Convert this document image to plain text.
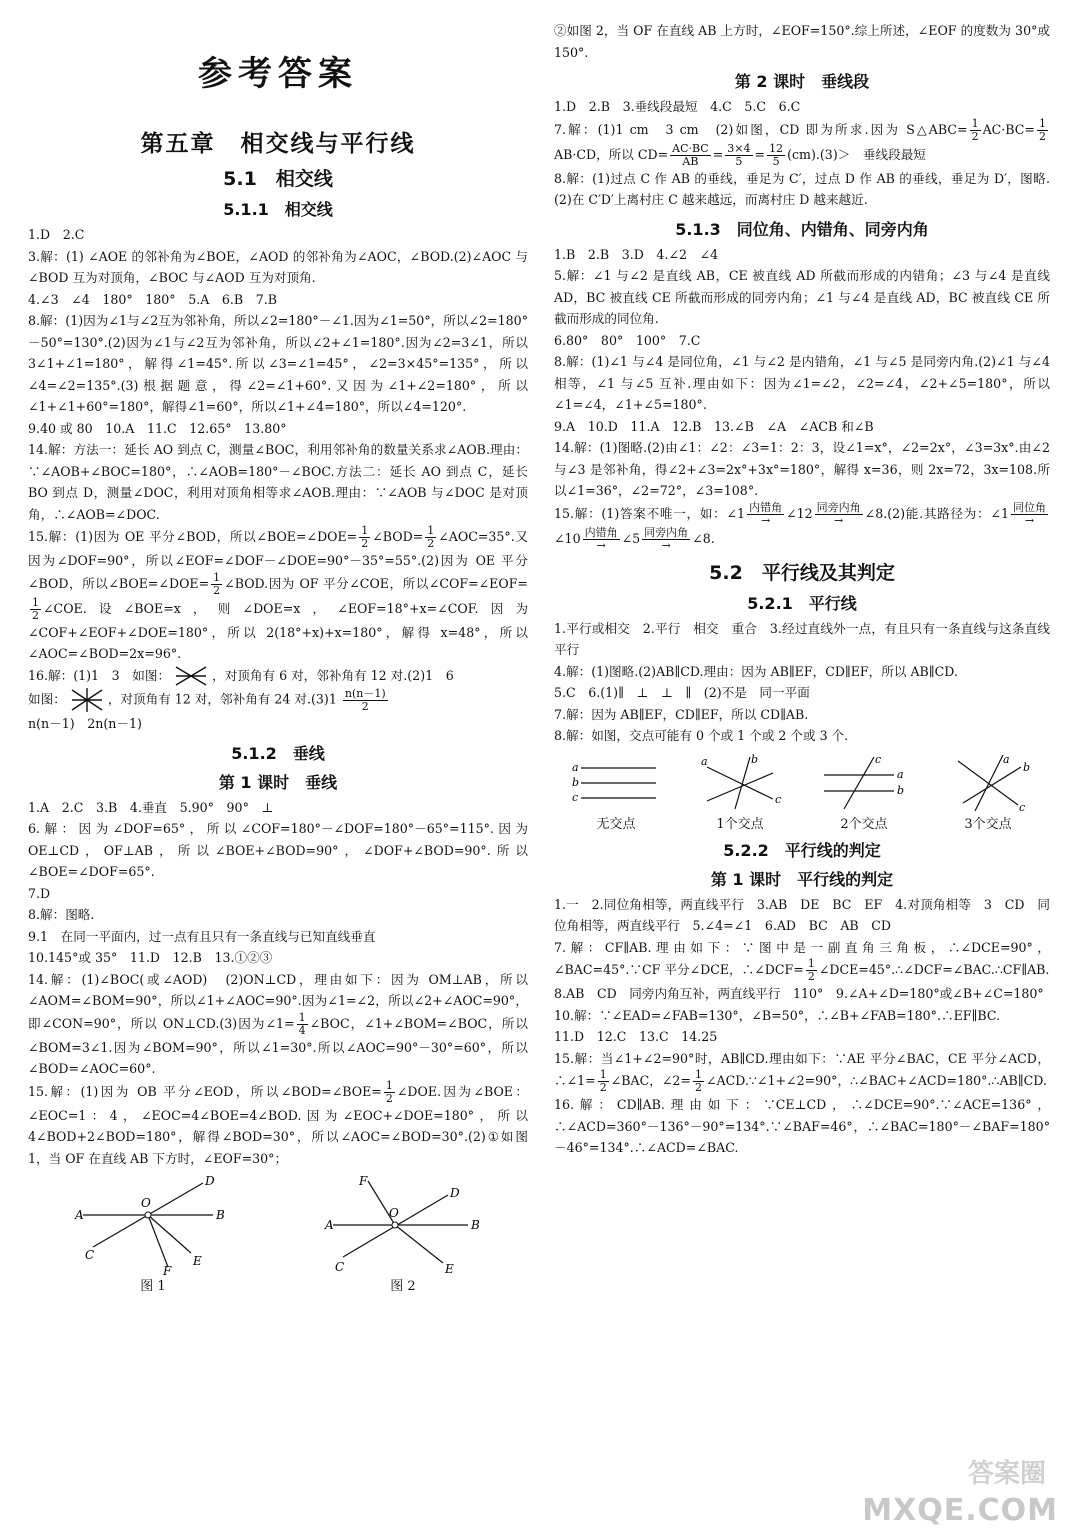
参考答案
第五章　相交线与平行线
5.1　相交线
5.1.1　相交线

1.D　2.C

3.解：(1) ∠AOE 的邻补角为∠BOE，∠AOD 的邻补角为∠AOC，∠BOD.(2)∠AOC 与∠BOD 互为对顶角，∠BOC 与∠AOD 互为对顶角.

4.∠3　∠4　180°　180°　5.A　6.B　7.B

8.解：(1)因为∠1与∠2互为邻补角，所以∠2=180°－∠1.因为∠1=50°，所以∠2=180°－50°=130°.(2)因为∠1与∠2互为邻补角，所以∠2+∠1=180°.因为∠2=3∠1，所以3∠1+∠1=180°，解得∠1=45°.所以∠3=∠1=45°，∠2=3×45°=135°，所以∠4=∠2=135°.(3)根据题意，得∠2=∠1+60°.又因为∠1+∠2=180°，所以∠1+∠1+60°=180°，解得∠1=60°，所以∠1+∠4=180°，所以∠4=120°.

9.40 或 80　10.A　11.C　12.65°　13.80°

14.解：方法一：延长 AO 到点 C，测量∠BOC，利用邻补角的数量关系求∠AOB.理由：∵∠AOB+∠BOC=180°，∴∠AOB=180°－∠BOC.方法二：延长 AO 到点 C，延长 BO 到点 D，测量∠DOC，利用对顶角相等求∠AOB.理由：∵∠AOB 与∠DOC 是对顶角，∴∠AOB=∠DOC.

15.解：(1)因为 OE 平分∠BOD，所以∠BOE=∠DOE= $\frac{1}{2}$ ∠BOD= $\frac{1}{2}$ ∠AOC=35°.又因为∠DOF=90°，所以∠EOF=∠DOF－∠DOE=90°－35°=55°.(2)因为 OE 平分∠BOD，所以∠BOE=∠DOE= $\frac{1}{2}$ ∠BOD.因为 OF 平分∠COE，所以∠COF=∠EOF=
$\frac{1}{2}$ ∠COE.设∠BOE=x，则∠DOE=x，∠EOF=18°+x=∠COF.因为∠COF+∠EOF+∠DOE=180°，所以 2(18°+x)+x=180°，解得 x=48°，所以∠AOC=∠BOD=2x=96°.

16.解：(1)1　3　如图：	，对顶角有 6 对，邻补角有 12 对.(2)1　6
如图：	，对顶角有 12 对，邻补角有 24 对$.(3)1 \frac{n(n-1)}{2}$

n(n－1)　2n(n－1)

5.1.2　垂线
第 1 课时　垂线

1.A　2.C　3.B　4.垂直　5.90°　90°　⊥

6.解：因为∠DOF=65°，所以∠COF=180°－∠DOF=180°－65°=115°.因为 OE⊥CD，OF⊥AB，所以∠BOE+∠BOD=90°，∠DOF+∠BOD=90°.所以∠BOE=∠DOF=65°.

7.D

8.解：图略.

9.1　在同一平面内，过一点有且只有一条直线与已知直线垂直

10.145°或 35°　11.D　12.B　13.①②③

14.解：(1)∠BOC(或∠AOD)　(2)ON⊥CD，理由如下：因为 OM⊥AB，所以∠AOM=∠BOM=90°，所以∠1+∠AOC=90°.因为∠1=∠2，所以∠2+∠AOC=90°，即∠CON=90°，所以 ON⊥CD.(3)因为∠1= $\frac{1}{4}$ ∠BOC，∠1+∠BOM=∠BOC，所以∠BOM=3∠1.因为∠BOM=90°，所以∠1=30°.所以∠AOC=90°－30°=60°，所以∠BOD=∠AOC=60°.

15.解：(1)因为 OB 平分∠EOD，所以∠BOD=∠BOE= $\frac{1}{2}$ ∠DOE.因为∠BOE：∠EOC=1：4，∠EOC=4∠BOE=4∠BOD.因为∠EOC+∠DOE=180°，所以 4∠BOD+2∠BOD=180°，解得∠BOD=30°，所以∠AOC=∠BOD=30°.(2)①如图 1，当 OF 在直线 AB 下方时，∠EOF=30°；

A	B
C
D
E
F
O
图 1
A	B
C
D
E
F
O
图 2

②如图 2，当 OF 在直线 AB 上方时，∠EOF=150°.综上所述，∠EOF 的度数为 30°或 150°.

第 2 课时　垂线段

1.D　2.B　3.垂线段最短　4.C　5.C　6.C

7.解：(1)1 cm　3 cm　(2)如图，CD 即为所求.因为 S△ABC= $\frac{1}{2} AC\cdot BC= \frac{1}{2}$
AB·CD，所以 $CD= \frac{AC\cdot BC}{AB} = \frac{3\times 4}{5} = \frac{12}{5} (cm).(3)>$　垂线段最短

8.解：(1)过点 C 作 AB 的垂线，垂足为 C′，过点 D 作 AB 的垂线，垂足为 D′，图略.(2)在 C′D′上离村庄 C 越来越远，而离村庄 D 越来越近.

5.1.3　同位角、内错角、同旁内角

1.B　2.B　3.D　4.∠2　∠4

5.解：∠1 与∠2 是直线 AB，CE 被直线 AD 所截而形成的内错角；∠3 与∠4 是直线 AD，BC 被直线 CE 所截而形成的同旁内角；∠1 与∠4 是直线 AD，BC 被直线 CE 所截而形成的同位角.

6.80°　80°　100°　7.C

8.解：(1)∠1 与∠4 是同位角，∠1 与∠2 是内错角，∠1 与∠5 是同旁内角.(2)∠1 与∠4 相等，∠1 与∠5 互补.理由如下：因为∠1=∠2，∠2=∠4，∠2+∠5=180°，所以∠1=∠4，∠1+∠5=180°.

9.A　10.D　11.A　12.B　13.∠B　∠A　∠ACB 和∠B

14.解：(1)图略.(2)由∠1：∠2：∠3=1：2：3，设∠1=x°，∠2=2x°，∠3=3x°.由∠2 与∠3 是邻补角，得∠2+∠3=2x°+3x°=180°，解得 x=36，则 2x=72，3x=108.所以∠1=36°，∠2=72°，∠3=108°.

15.解：(1)答案不唯一，如：∠1 $\frac{\text{内错角}}{\to}$ ∠12 $\frac{\text{同旁内角}}{\to}$ ∠8.(2)能.其路径为：∠1 $\frac{\text{同位角}}{\to}$
∠10 $\frac{\text{内错角}}{\to}$ ∠5 $\frac{\text{同旁内角}}{\to}$ ∠8.

5.2　平行线及其判定
5.2.1　平行线

1.平行或相交　2.平行　相交　重合　3.经过直线外一点，有且只有一条直线与这条直线平行

4.解：(1)图略.(2)AB∥CD.理由：因为 AB∥EF，CD∥EF，所以 AB∥CD.

5.C　6.(1)∥　⊥　⊥　∥　(2)不是　同一平面

7.解：因为 AB∥EF，CD∥EF，所以 CD∥AB.

8.解：如图，交点可能有 0 个或 1 个或 2 个或 3 个.

a
b
c
无交点
a	b
c
1个交点
c
a
b
2个交点
a
b
c
3个交点
5.2.2　平行线的判定
第 1 课时　平行线的判定

1.一　2.同位角相等，两直线平行　3.AB　DE　BC　EF　4.对顶角相等　3　CD　同位角相等，两直线平行　5.∠4=∠1　6.AD　BC　AB　CD

7.解：CF∥AB.理由如下：∵图中是一副直角三角板，∴∠DCE=90°，∠BAC=45°.∵CF 平分∠DCE，∴∠DCF= $\frac{1}{2}$ ∠DCE=45°.∴∠DCF=∠BAC.∴CF∥AB.

8.AB　CD　同旁内角互补，两直线平行　110°　9.∠A+∠D=180°或∠B+∠C=180°

10.解：∵∠EAD=∠FAB=130°，∠B=50°，∴∠B+∠FAB=180°.∴EF∥BC.

11.D　12.C　13.C　14.25

15.解：当∠1+∠2=90°时，AB∥CD.理由如下：∵AE 平分∠BAC，CE 平分∠ACD，∴∠1= $\frac{1}{2}$ ∠BAC，∠2= $\frac{1}{2}$ ∠ACD.∵∠1+∠2=90°，∴∠BAC+∠ACD=180°.∴AB∥CD.

16.解：CD∥AB.理由如下：∵CE⊥CD，∴∠DCE=90°.∵∠ACE=136°，∴∠ACD=360°－136°－90°=134°.∵∠BAF=46°，∴∠BAC=180°－∠BAF=180°－46°=134°.∴∠ACD=∠BAC.

答案圈
MXQE.COM
